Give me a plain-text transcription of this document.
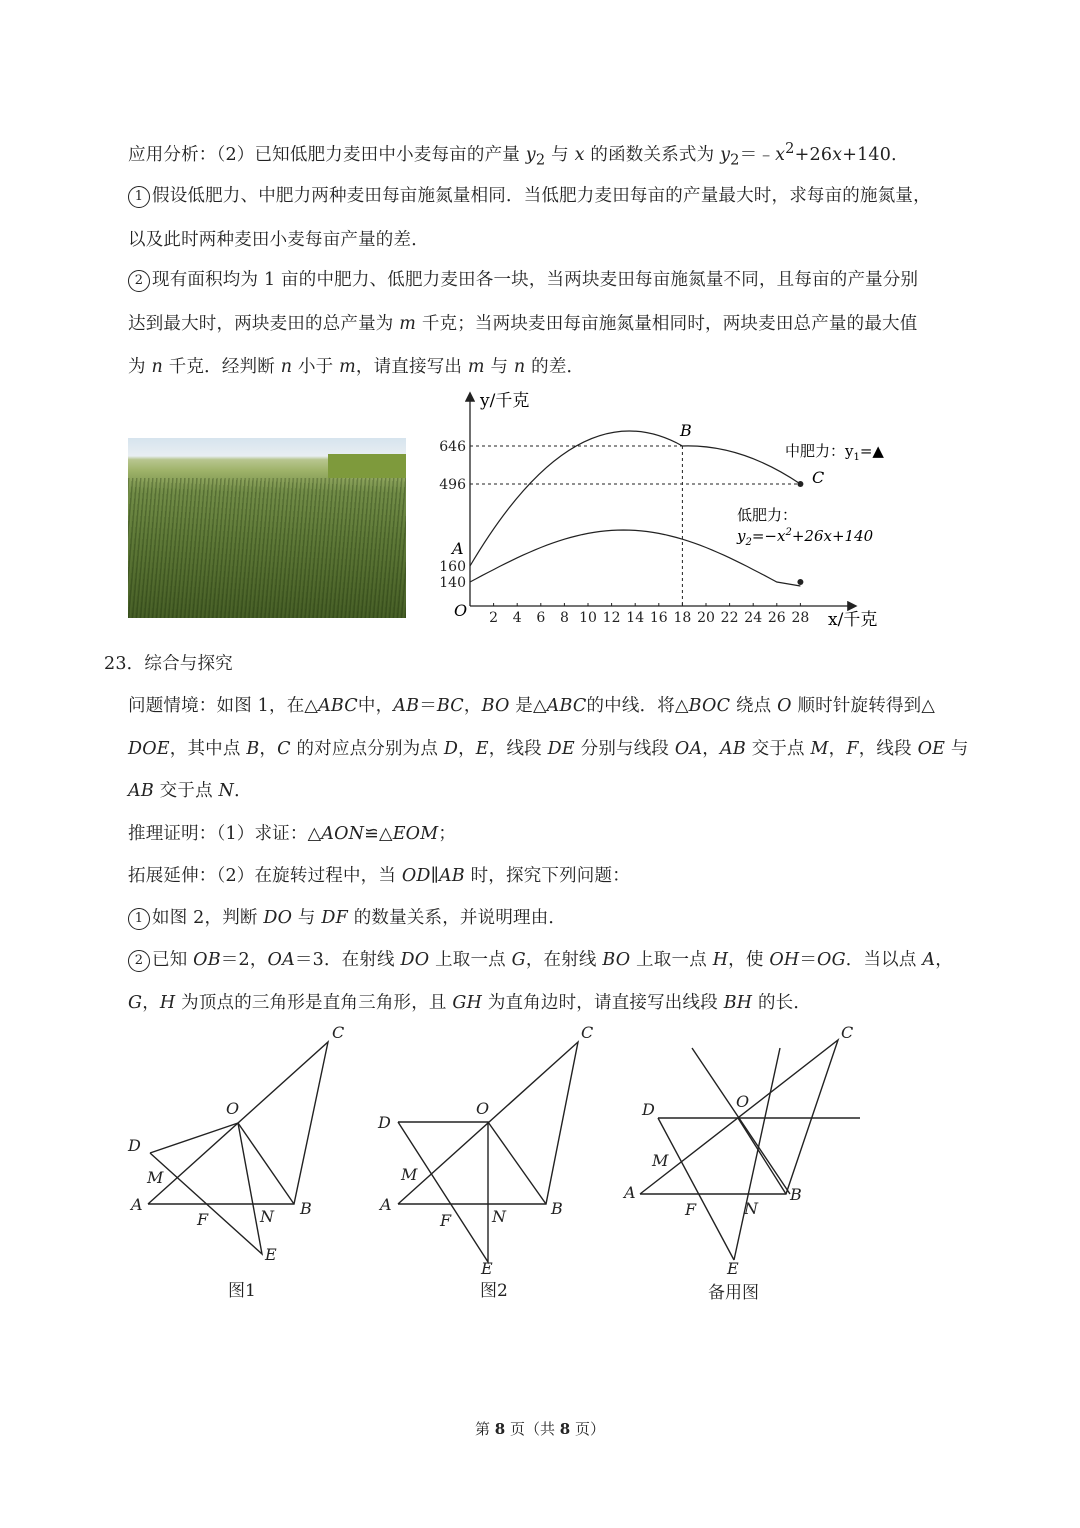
应用分析：（2）已知低肥力麦田中小麦每亩的产量 $y_2$ 与 x 的函数关系式为 $y_2=﹣x^2+26x+140$．
1 假设低肥力、中肥力两种麦田每亩施氮量相同．当低肥力麦田每亩的产量最大时，求每亩的施氮量，
以及此时两种麦田小麦每亩产量的差．
2 现有面积均为 1 亩的中肥力、低肥力麦田各一块，当两块麦田每亩施氮量不同，且每亩的产量分别
达到最大时，两块麦田的总产量为 m 千克；当两块麦田每亩施氮量相同时，两块麦田总产量的最大值
为 n 千克．经判断 n 小于 m，请直接写出 m 与 n 的差．
y/千克
x/千克
O 2 4 6 8 10 12 14 16 18 20 22 24 26 28
646
496
160
140
A
B
C
中肥力：$y_1=▲$
低肥力：
$y_2=-x^2+26x+140$
23．综合与探究
问题情境：如图 1，在△ABC中，AB＝BC，BO 是△ABC的中线．将△BOC 绕点 O 顺时针旋转得到△
DOE，其中点 B，C 的对应点分别为点 D，E，线段 DE 分别与线段 OA，AB 交于点 M，F，线段 OE 与
AB 交于点 N．
推理证明：（1）求证：△AON≌△EOM；
拓展延伸：（2）在旋转过程中，当 OD∥AB 时，探究下列问题：
1 如图 2，判断 DO 与 DF 的数量关系，并说明理由．
2 已知 OB＝2，OA＝3．在射线 DO 上取一点 G，在射线 BO 上取一点 H，使 OH＝OG．当以点 A，
G，H 为顶点的三角形是直角三角形，且 GH 为直角边时，请直接写出线段 BH 的长．
A	B
C
D
E
F
M
N
O
图1
A	B
C
D
E
F
M
N
O
图2
A	B
C
D
E
F
M
N
O
备用图
第 8 页（共 8 页）
